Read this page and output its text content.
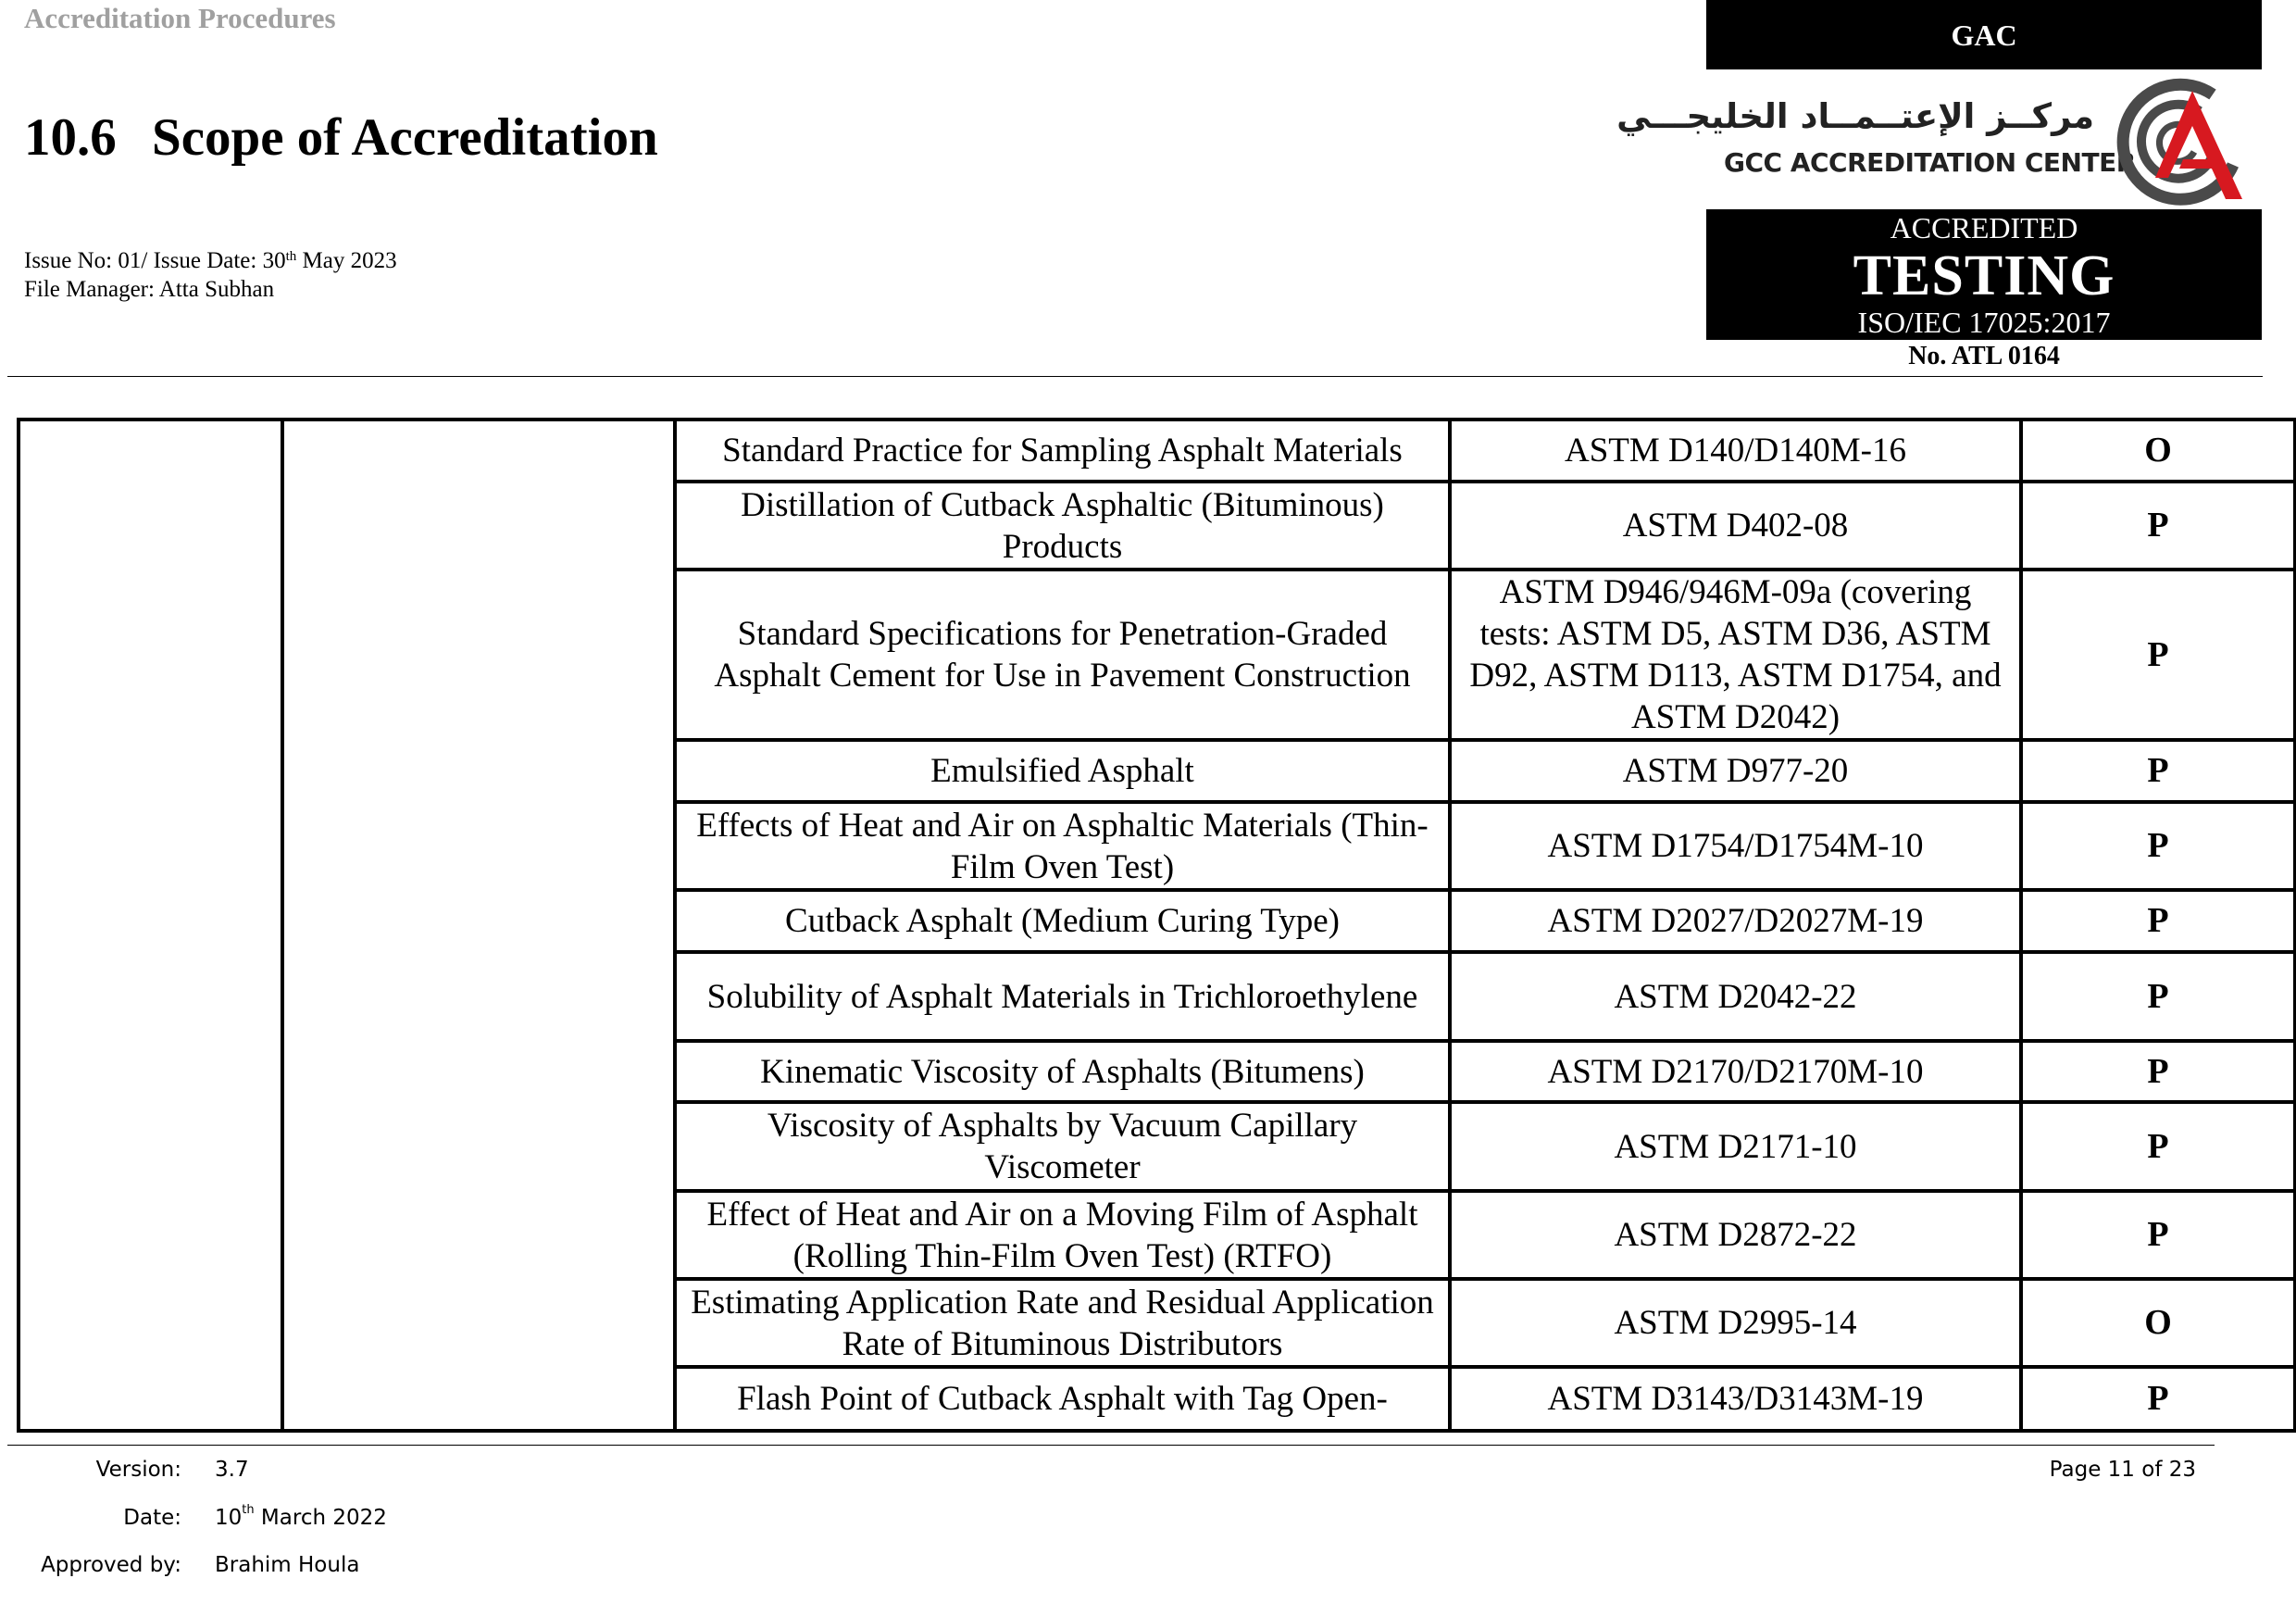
Accreditation Procedures
10.6 Scope of Accreditation
Issue No: 01/ Issue Date: 30th May 2023
File Manager: Atta Subhan
GAC
مركــز الإعتــمــاد الخليجـــي
GCC ACCREDITATION CENTER
ACCREDITED
TESTING
ISO/IEC 17025:2017
No. ATL 0164
		Standard Practice for Sampling Asphalt Materials	ASTM D140/D140M-16	O
		Distillation of Cutback Asphaltic (Bituminous) Products	ASTM D402-08	P
		Standard Specifications for Penetration-Graded Asphalt Cement for Use in Pavement Construction	ASTM D946/946M-09a (covering tests: ASTM D5, ASTM D36, ASTM D92, ASTM D113, ASTM D1754, and ASTM D2042)	P
		Emulsified Asphalt	ASTM D977-20	P
		Effects of Heat and Air on Asphaltic Materials (Thin-Film Oven Test)	ASTM D1754/D1754M-10	P
		Cutback Asphalt (Medium Curing Type)	ASTM D2027/D2027M-19	P
		Solubility of Asphalt Materials in Trichloroethylene	ASTM D2042-22	P
		Kinematic Viscosity of Asphalts (Bitumens)	ASTM D2170/D2170M-10	P
		Viscosity of Asphalts by Vacuum Capillary Viscometer	ASTM D2171-10	P
		Effect of Heat and Air on a Moving Film of Asphalt (Rolling Thin-Film Oven Test) (RTFO)	ASTM D2872-22	P
		Estimating Application Rate and Residual Application Rate of Bituminous Distributors	ASTM D2995-14	O
		Flash Point of Cutback Asphalt with Tag Open-	ASTM D3143/D3143M-19	P
Version: 3.7
Date: 10th March 2022
Approved by: Brahim Houla
Page 11 of 23
